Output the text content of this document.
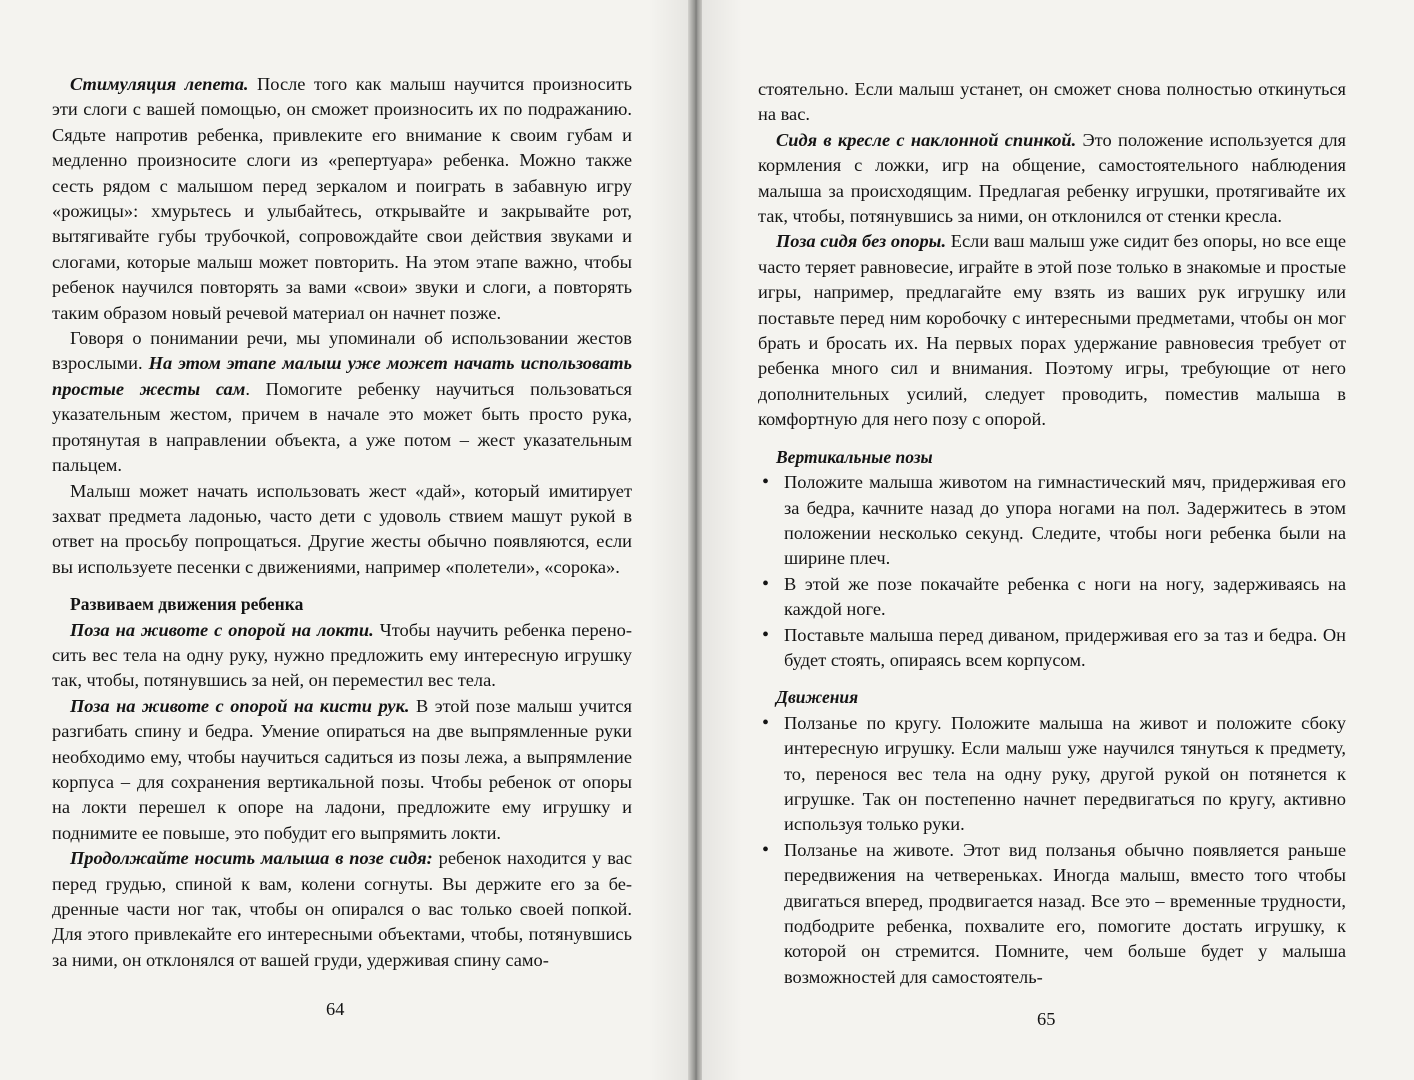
Стимуляция лепета. После того как малыш научится произносить эти слоги с вашей помощью, он сможет произносить их по подражанию. Сядьте напротив ребенка, привлеките его внимание к своим губам и медленно произносите слоги из «репертуара» ребенка. Можно также сесть рядом с малышом перед зеркалом и поиграть в забавную игру «рожицы»: хмурьтесь и улыбайтесь, открывайте и закрывайте рот, вытягивайте губы трубочкой, сопровождайте свои действия звуками и слогами, которые малыш может повторить. На этом этапе важно, чтобы ребенок научился повторять за вами «свои» звуки и слоги, а повторять таким образом новый речевой материал он начнет позже.

Говоря о понимании речи, мы упоминали об использовании жестов взрослыми. На этом этапе малыш уже может начать использовать простые жесты сам. Помогите ребенку научиться пользоваться указательным жестом, причем в начале это может быть просто рука, протянутая в направлении объекта, а уже потом – жест указательным пальцем.

Малыш может начать использовать жест «дай», который имитирует захват предмета ладонью, часто дети с удоволь ствием машут рукой в ответ на просьбу попрощаться. Другие жесты обычно появляются, если вы используете песенки с движениями, например «полетели», «сорока».

Развиваем движения ребенка

Поза на животе с опорой на локти. Чтобы научить ребенка переносить вес тела на одну руку, нужно предложить ему интересную игрушку так, чтобы, потянувшись за ней, он переместил вес тела.

Поза на животе с опорой на кисти рук. В этой позе малыш учится разгибать спину и бедра. Умение опираться на две выпрямленные руки необходимо ему, чтобы научиться садиться из позы лежа, а выпрямление корпуса – для сохранения вертикальной позы. Чтобы ребенок от опоры на локти перешел к опоре на ладони, предложите ему игрушку и поднимите ее повыше, это побудит его выпрямить локти.

Продолжайте носить малыша в позе сидя: ребенок находится у вас перед грудью, спиной к вам, колени согнуты. Вы держите его за бедренные части ног так, чтобы он опирался о вас только своей попкой. Для этого привлекайте его интересными объектами, чтобы, потянувшись за ними, он отклонялся от вашей груди, удерживая спину само-

64

стоятельно. Если малыш устанет, он сможет снова полностью откинуться на вас.

Сидя в кресле с наклонной спинкой. Это положение используется для кормления с ложки, игр на общение, самостоятельного наблюдения малыша за происходящим. Предлагая ребенку игрушки, протягивайте их так, чтобы, потянувшись за ними, он отклонился от стенки кресла.

Поза сидя без опоры. Если ваш малыш уже сидит без опоры, но все еще часто теряет равновесие, играйте в этой позе только в знакомые и простые игры, например, предлагайте ему взять из ваших рук игрушку или поставьте перед ним коробочку с интересными предметами, чтобы он мог брать и бросать их. На первых порах удержание равновесия требует от ребенка много сил и внимания. Поэтому игры, требующие от него дополнительных усилий, следует проводить, поместив малыша в комфортную для него позу с опорой.

Вертикальные позы
• Положите малыша животом на гимнастический мяч, придерживая его за бедра, качните назад до упора ногами на пол. Задержитесь в этом положении несколько секунд. Следите, чтобы ноги ребенка были на ширине плеч.
• В этой же позе покачайте ребенка с ноги на ногу, задерживаясь на каждой ноге.
• Поставьте малыша перед диваном, придерживая его за таз и бедра. Он будет стоять, опираясь всем корпусом.
Движения
• Ползанье по кругу. Положите малыша на живот и положите сбоку интересную игрушку. Если малыш уже научился тянуться к предмету, то, перенося вес тела на одну руку, другой рукой он потянется к игрушке. Так он постепенно начнет передвигаться по кругу, активно используя только руки.
• Ползанье на животе. Этот вид ползанья обычно появляется раньше передвижения на четвереньках. Иногда малыш, вместо того чтобы двигаться вперед, продвигается назад. Все это – временные трудности, подбодрите ребенка, похвалите его, помогите достать игрушку, к которой он стремится. Помните, чем больше будет у малыша возможностей для самостоятель-
65
